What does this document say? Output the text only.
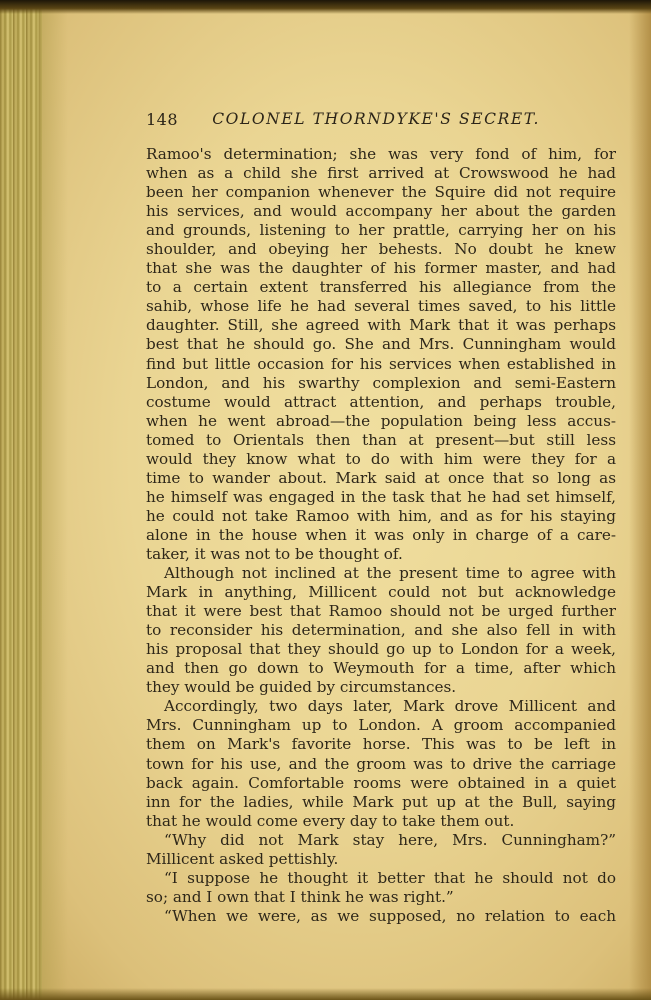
148 COLONEL THORNDYKE'S SECRET.
Ramoo's determination; she was very fond of him, for
when as a child she first arrived at Crowswood he had
been her companion whenever the Squire did not require
his services, and would accompany her about the garden
and grounds, listening to her prattle, carrying her on his
shoulder, and obeying her behests. No doubt he knew
that she was the daughter of his former master, and had
to a certain extent transferred his allegiance from the
sahib, whose life he had several times saved, to his little
daughter. Still, she agreed with Mark that it was perhaps
best that he should go. She and Mrs. Cunningham would
find but little occasion for his services when established in
London, and his swarthy complexion and semi-Eastern
costume would attract attention, and perhaps trouble,
when he went abroad—the population being less accus-
tomed to Orientals then than at present—but still less
would they know what to do with him were they for a
time to wander about. Mark said at once that so long as
he himself was engaged in the task that he had set himself,
he could not take Ramoo with him, and as for his staying
alone in the house when it was only in charge of a care-
taker, it was not to be thought of.
Although not inclined at the present time to agree with
Mark in anything, Millicent could not but acknowledge
that it were best that Ramoo should not be urged further
to reconsider his determination, and she also fell in with
his proposal that they should go up to London for a week,
and then go down to Weymouth for a time, after which
they would be guided by circumstances.
Accordingly, two days later, Mark drove Millicent and
Mrs. Cunningham up to London. A groom accompanied
them on Mark's favorite horse. This was to be left in
town for his use, and the groom was to drive the carriage
back again. Comfortable rooms were obtained in a quiet
inn for the ladies, while Mark put up at the Bull, saying
that he would come every day to take them out.
“Why did not Mark stay here, Mrs. Cunningham?”
Millicent asked pettishly.
“I suppose he thought it better that he should not do
so; and I own that I think he was right.”
“When we were, as we supposed, no relation to each
